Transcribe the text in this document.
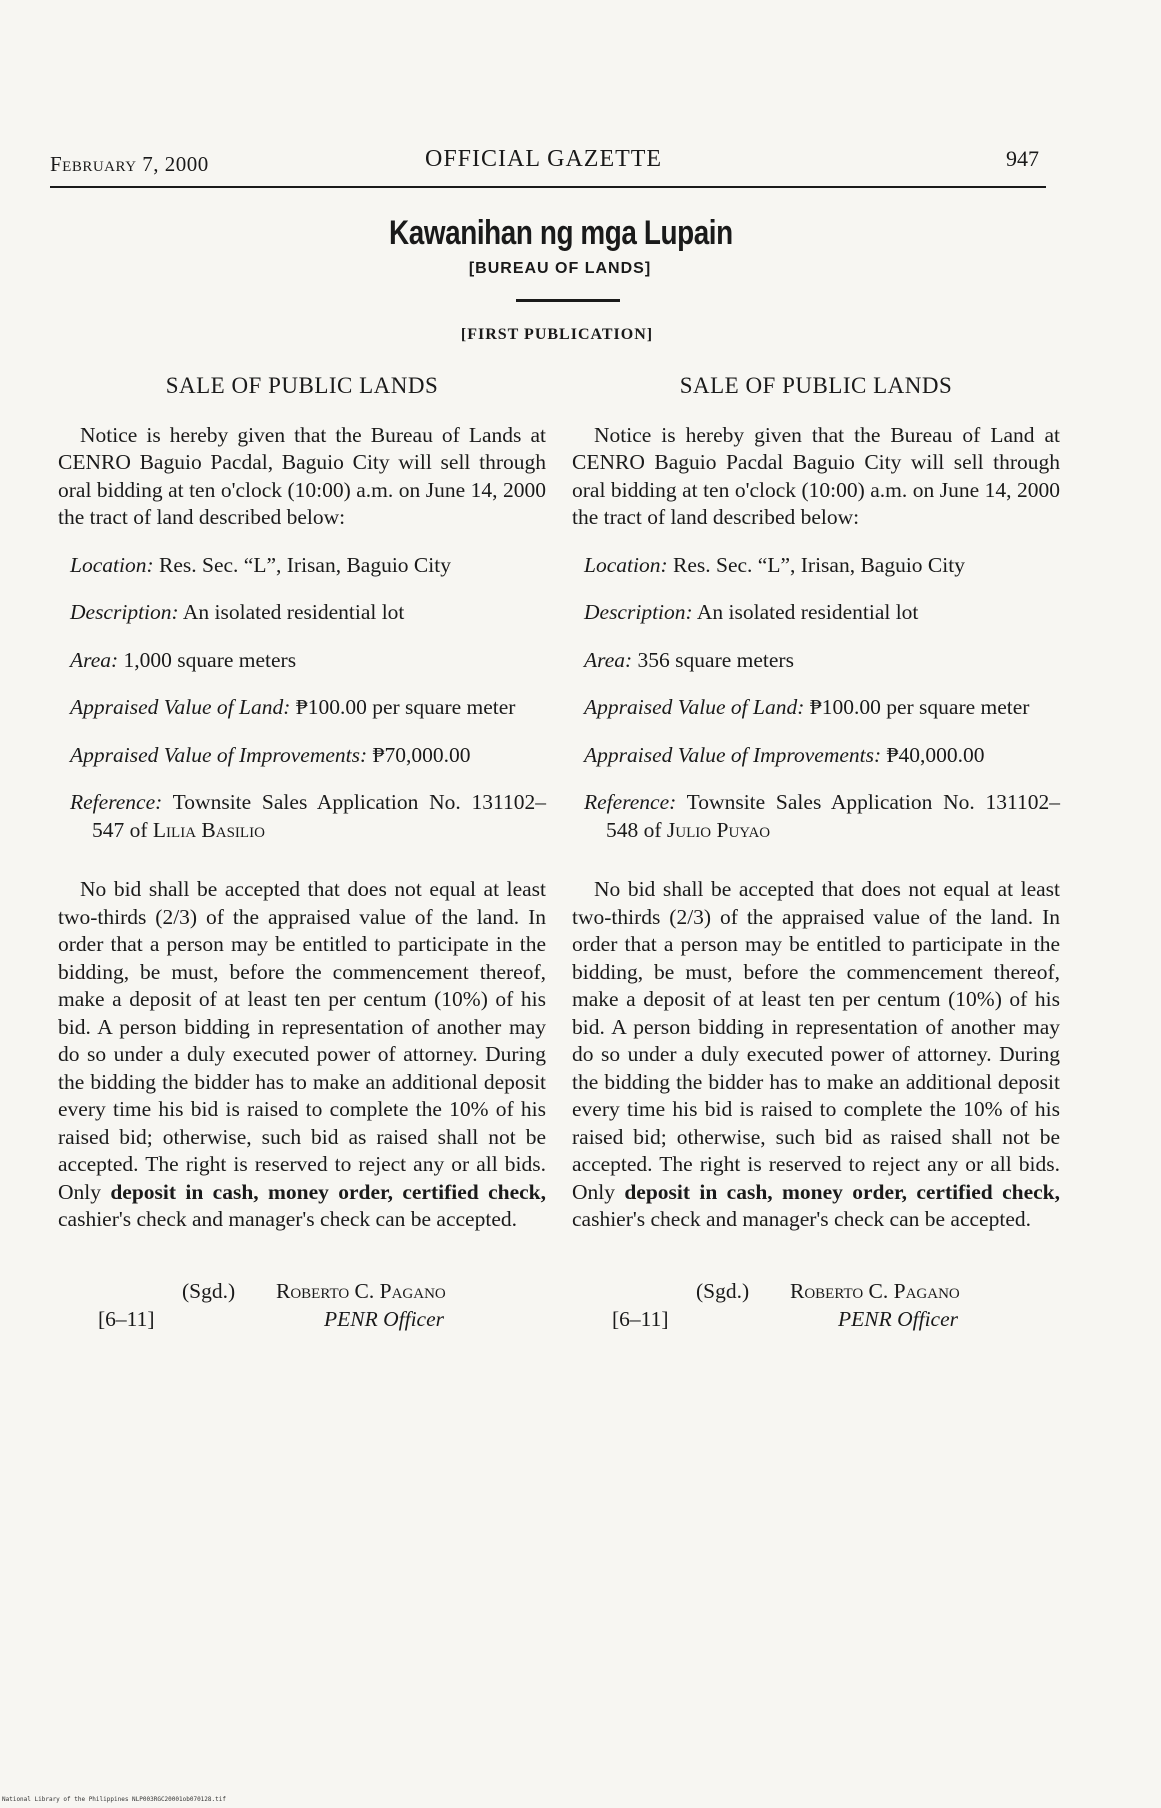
February 7, 2000	OFFICIAL GAZETTE	947
Kawanihan ng mga Lupain
[BUREAU OF LANDS]
[FIRST PUBLICATION]
SALE OF PUBLIC LANDS

Notice is hereby given that the Bureau of Lands at CENRO Baguio Pacdal, Baguio City will sell through oral bidding at ten o'clock (10:00) a.m. on June 14, 2000 the tract of land described below:

Location: Res. Sec. “L”, Irisan, Baguio City
Description: An isolated residential lot
Area: 1,000 square meters
Appraised Value of Land: ₱100.00 per square meter
Appraised Value of Improvements: ₱70,000.00
Reference: Townsite Sales Application No. 131102–547 of Lilia Basilio

No bid shall be accepted that does not equal at least two-thirds (2/3) of the appraised value of the land. In order that a person may be entitled to participate in the bidding, be must, before the commencement thereof, make a deposit of at least ten per centum (10%) of his bid. A person bidding in representation of another may do so under a duly executed power of attorney. During the bidding the bidder has to make an additional deposit every time his bid is raised to complete the 10% of his raised bid; otherwise, such bid as raised shall not be accepted. The right is reserved to reject any or all bids. Only deposit in cash, money order, certified check, cashier's check and manager's check can be accepted.

(Sgd.) Roberto C. Pagano
[6–11]	PENR Officer
SALE OF PUBLIC LANDS

Notice is hereby given that the Bureau of Land at CENRO Baguio Pacdal Baguio City will sell through oral bidding at ten o'clock (10:00) a.m. on June 14, 2000 the tract of land described below:

Location: Res. Sec. “L”, Irisan, Baguio City
Description: An isolated residential lot
Area: 356 square meters
Appraised Value of Land: ₱100.00 per square meter
Appraised Value of Improvements: ₱40,000.00
Reference: Townsite Sales Application No. 131102–548 of Julio Puyao

No bid shall be accepted that does not equal at least two-thirds (2/3) of the appraised value of the land. In order that a person may be entitled to participate in the bidding, be must, before the commencement thereof, make a deposit of at least ten per centum (10%) of his bid. A person bidding in representation of another may do so under a duly executed power of attorney. During the bidding the bidder has to make an additional deposit every time his bid is raised to complete the 10% of his raised bid; otherwise, such bid as raised shall not be accepted. The right is reserved to reject any or all bids. Only deposit in cash, money order, certified check, cashier's check and manager's check can be accepted.

(Sgd.) Roberto C. Pagano
[6–11]	PENR Officer
National Library of the Philippines NLP003RGC20001ob070128.tif
